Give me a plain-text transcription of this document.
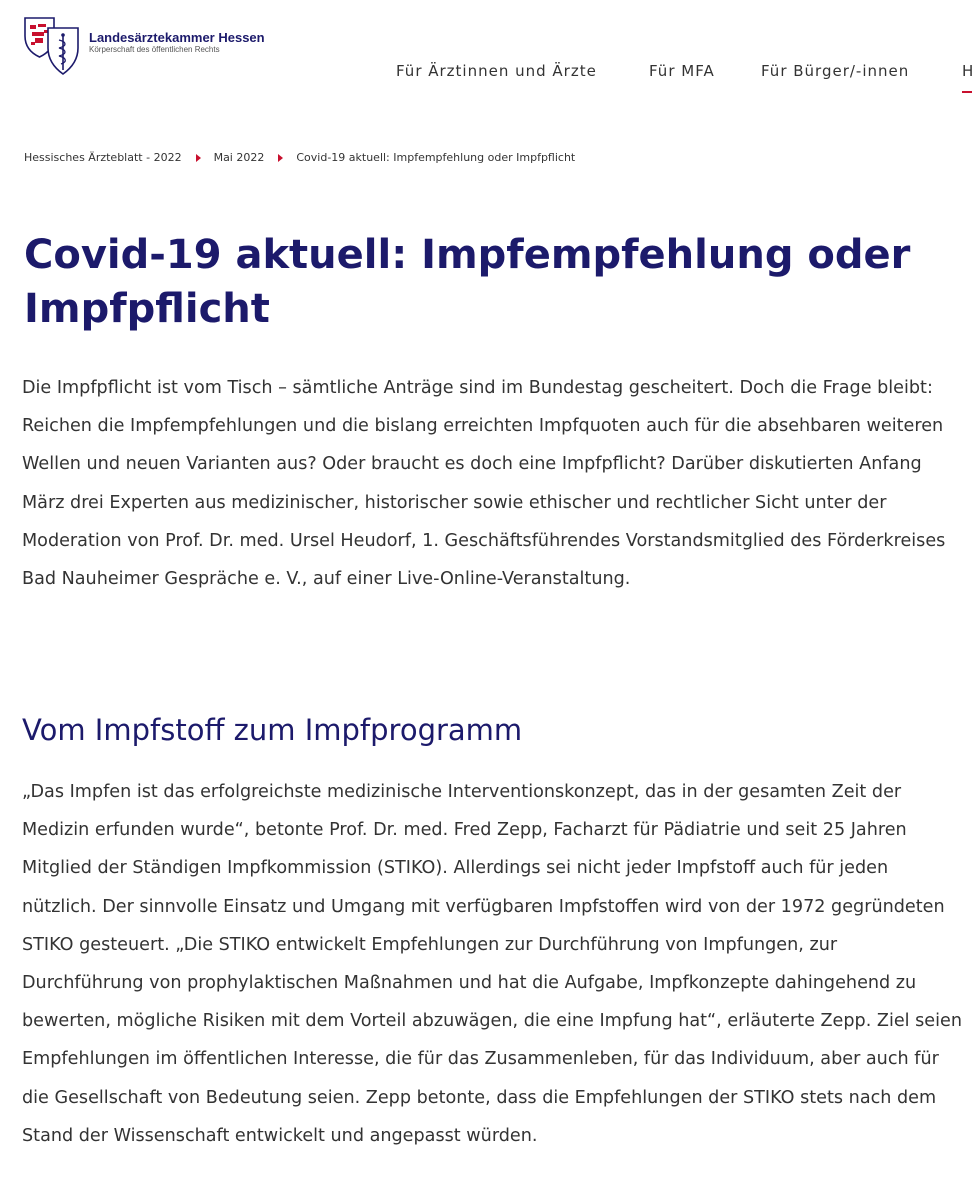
Landesärztekammer Hessen
Körperschaft des öffentlichen Rechts
Für Ärztinnen und Ärzte	Für MFA	Für Bürger/-innen	H
Hessisches Ärzteblatt - 2022	Mai 2022	Covid-19 aktuell: Impfempfehlung oder Impfpflicht
Covid-19 aktuell: Impfempfehlung oder Impfpflicht

Die Impfpflicht ist vom Tisch – sämtliche Anträge sind im Bundestag gescheitert. Doch die Frage bleibt: Reichen die Impfempfehlungen und die bislang erreichten Impfquoten auch für die absehbaren weiteren Wellen und neuen Varianten aus? Oder braucht es doch eine Impfpflicht? Darüber diskutierten Anfang März drei Experten aus medizinischer, historischer sowie ethischer und rechtlicher Sicht unter der Moderation von Prof. Dr. med. Ursel Heudorf, 1. Geschäftsführendes Vorstandsmitglied des Förderkreises Bad Nauheimer Gespräche e. V., auf einer Live-Online-Veranstaltung.

Vom Impfstoff zum Impfprogramm

„Das Impfen ist das erfolgreichste medizinische Interventionskonzept, das in der gesamten Zeit der Medizin erfunden wurde“, betonte Prof. Dr. med. Fred Zepp, Facharzt für Pädiatrie und seit 25 Jahren Mitglied der Ständigen Impfkommission (STIKO). Allerdings sei nicht jeder Impfstoff auch für jeden nützlich. Der sinnvolle Einsatz und Umgang mit verfügbaren Impfstoffen wird von der 1972 gegründeten STIKO gesteuert. „Die STIKO entwickelt Empfehlungen zur Durchführung von Impfungen, zur Durchführung von prophylaktischen Maßnahmen und hat die Aufgabe, Impfkonzepte dahingehend zu bewerten, mögliche Risiken mit dem Vorteil abzuwägen, die eine Impfung hat“, erläuterte Zepp. Ziel seien Empfehlungen im öffentlichen Interesse, die für das Zusammenleben, für das Individuum, aber auch für die Gesellschaft von Bedeutung seien. Zepp betonte, dass die Empfehlungen der STIKO stets nach dem Stand der Wissenschaft entwickelt und angepasst würden.
